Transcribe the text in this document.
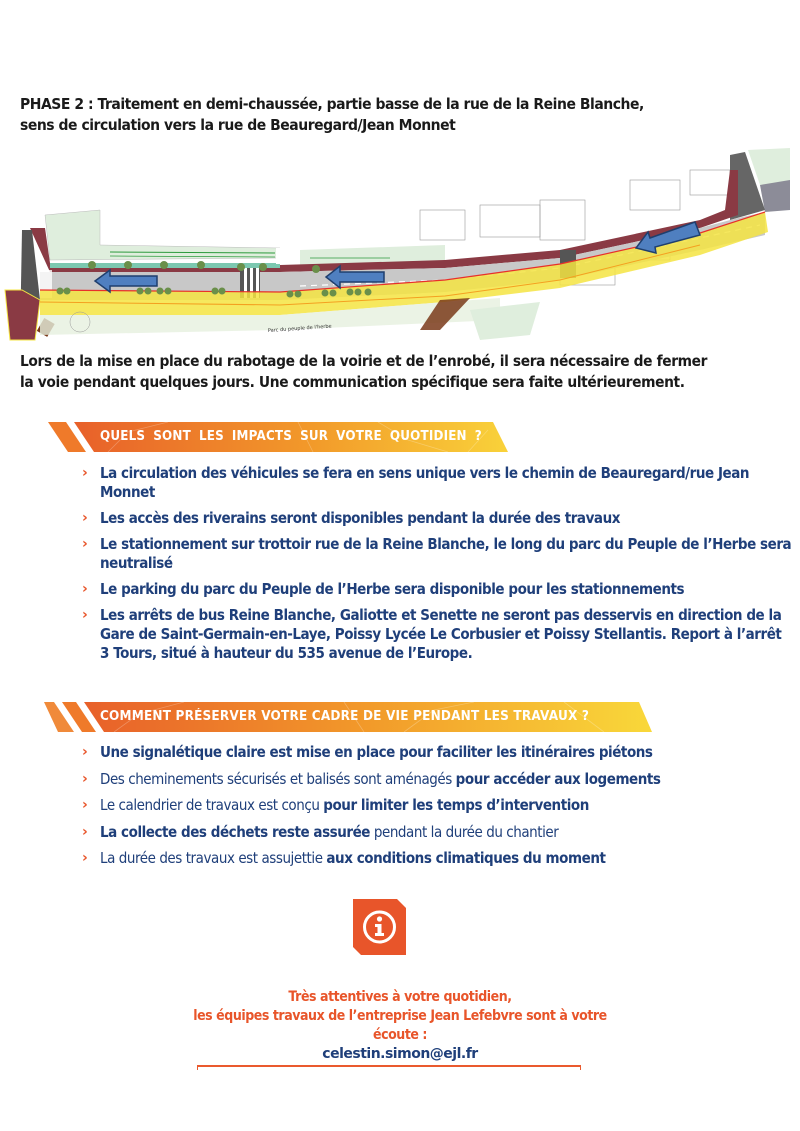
PHASE 2 : Traitement en demi-chaussée, partie basse de la rue de la Reine Blanche,
sens de circulation vers la rue de Beauregard/Jean Monnet
Parc du peuple de l'herbe
Lors de la mise en place du rabotage de la voirie et de l’enrobé, il sera nécessaire de fermer
la voie pendant quelques jours. Une communication spécifique sera faite ultérieurement.
QUELS SONT LES IMPACTS SUR VOTRE QUOTIDIEN ?
› La circulation des véhicules se fera en sens unique vers le chemin de Beauregard/rue Jean Monnet
› Les accès des riverains seront disponibles pendant la durée des travaux
› Le stationnement sur trottoir rue de la Reine Blanche, le long du parc du Peuple de l’Herbe sera neutralisé
› Le parking du parc du Peuple de l’Herbe sera disponible pour les stationnements
› Les arrêts de bus Reine Blanche, Galiotte et Senette ne seront pas desservis en direction de la Gare de Saint-Germain-en-Laye, Poissy Lycée Le Corbusier et Poissy Stellantis. Report à l’arrêt 3 Tours, situé à hauteur du 535 avenue de l’Europe.
COMMENT PRÉSERVER VOTRE CADRE DE VIE PENDANT LES TRAVAUX ?
› Une signalétique claire est mise en place pour faciliter les itinéraires piétons
› Des cheminements sécurisés et balisés sont aménagés pour accéder aux logements
› Le calendrier de travaux est conçu pour limiter les temps d’intervention
› La collecte des déchets reste assurée pendant la durée du chantier
› La durée des travaux est assujettie aux conditions climatiques du moment
Très attentives à votre quotidien,
les équipes travaux de l’entreprise Jean Lefebvre sont à votre écoute :
celestin.simon@ejl.fr
